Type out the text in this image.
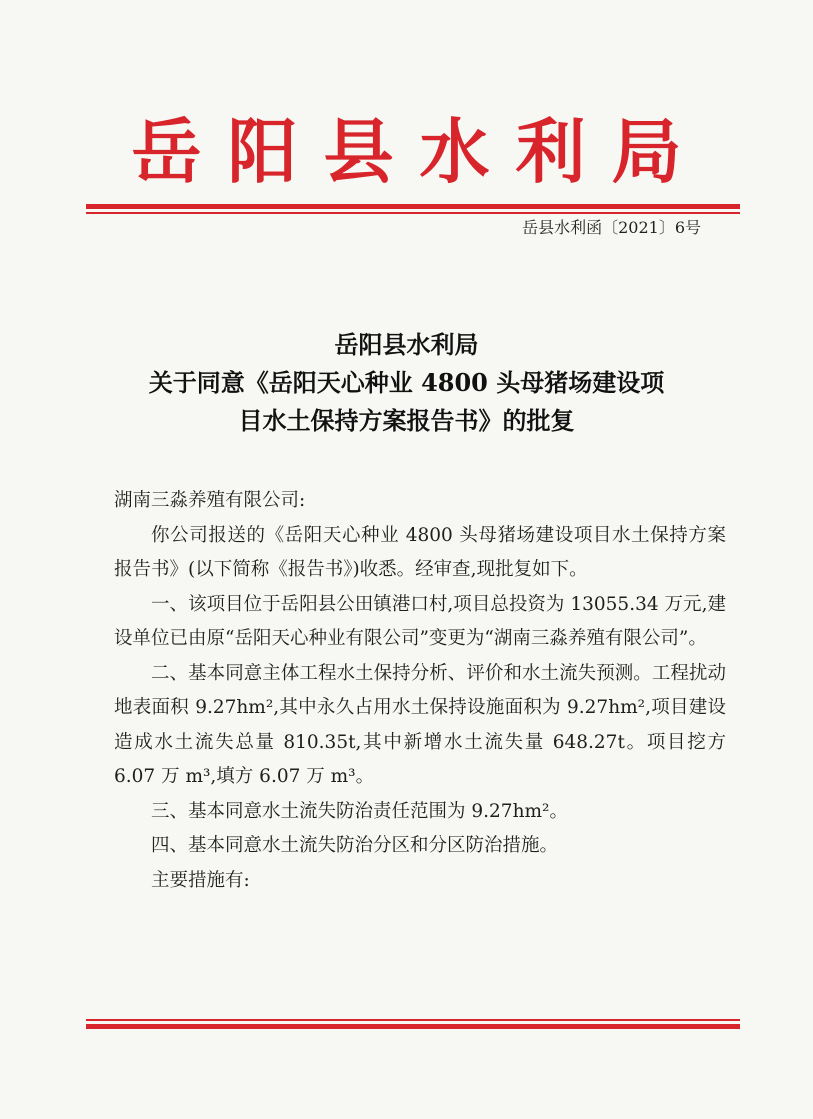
岳阳县水利局
岳县水利函〔2021〕6号
岳阳县水利局
关于同意《岳阳天心种业 4800 头母猪场建设项
目水土保持方案报告书》的批复

湖南三淼养殖有限公司:

你公司报送的《岳阳天心种业 4800 头母猪场建设项目水土保持方案报告书》(以下简称《报告书》)收悉。经审查,现批复如下。

一、该项目位于岳阳县公田镇港口村,项目总投资为 13055.34 万元,建设单位已由原“岳阳天心种业有限公司”变更为“湖南三淼养殖有限公司”。

二、基本同意主体工程水土保持分析、评价和水土流失预测。工程扰动地表面积 9.27hm²,其中永久占用水土保持设施面积为 9.27hm²,项目建设造成水土流失总量 810.35t,其中新增水土流失量 648.27t。项目挖方 6.07 万 m³,填方 6.07 万 m³。

三、基本同意水土流失防治责任范围为 9.27hm²。

四、基本同意水土流失防治分区和分区防治措施。

主要措施有:
